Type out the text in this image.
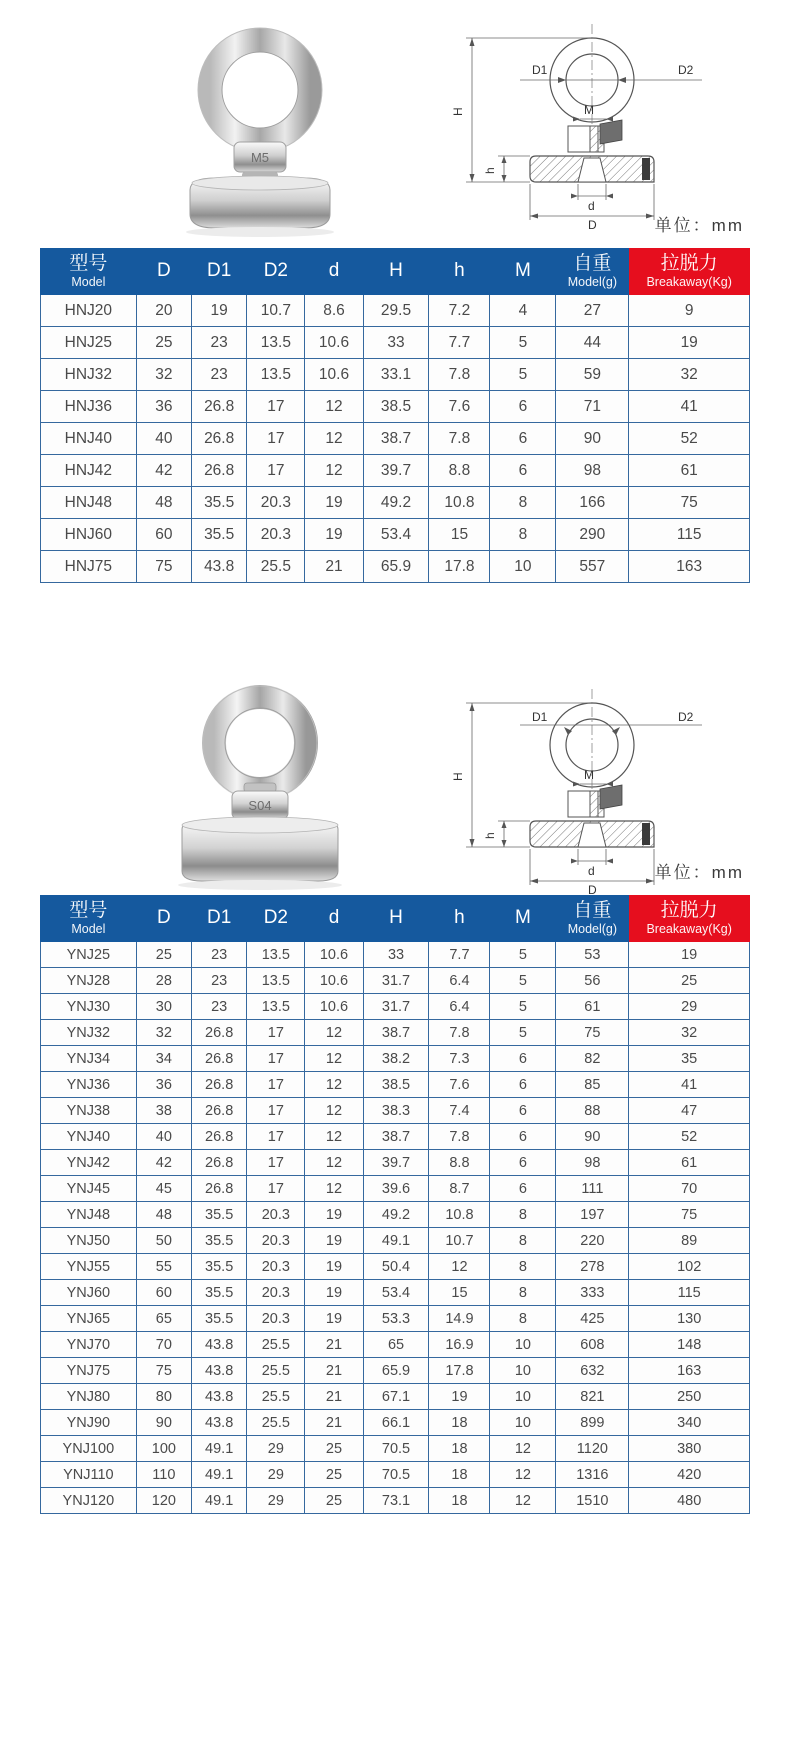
M5
D1	D2
M
H
h
d
D	单位：mm
型号
Model	D	D1	D2	d	H	h	M	自重
Model(g)	拉脱力
Breakaway(Kg)

HNJ20	20	19	10.7	8.6	29.5	7.2	4	27	9
HNJ25	25	23	13.5	10.6	33	7.7	5	44	19
HNJ32	32	23	13.5	10.6	33.1	7.8	5	59	32
HNJ36	36	26.8	17	12	38.5	7.6	6	71	41
HNJ40	40	26.8	17	12	38.7	7.8	6	90	52
HNJ42	42	26.8	17	12	39.7	8.8	6	98	61
HNJ48	48	35.5	20.3	19	49.2	10.8	8	166	75
HNJ60	60	35.5	20.3	19	53.4	15	8	290	115
HNJ75	75	43.8	25.5	21	65.9	17.8	10	557	163
S04
D1	D2
M
H
h
d
D
单位：mm
型号
Model	D	D1	D2	d	H	h	M	自重
Model(g)	拉脱力
Breakaway(Kg)

YNJ25	25	23	13.5	10.6	33	7.7	5	53	19
YNJ28	28	23	13.5	10.6	31.7	6.4	5	56	25
YNJ30	30	23	13.5	10.6	31.7	6.4	5	61	29
YNJ32	32	26.8	17	12	38.7	7.8	5	75	32
YNJ34	34	26.8	17	12	38.2	7.3	6	82	35
YNJ36	36	26.8	17	12	38.5	7.6	6	85	41
YNJ38	38	26.8	17	12	38.3	7.4	6	88	47
YNJ40	40	26.8	17	12	38.7	7.8	6	90	52
YNJ42	42	26.8	17	12	39.7	8.8	6	98	61
YNJ45	45	26.8	17	12	39.6	8.7	6	111	70
YNJ48	48	35.5	20.3	19	49.2	10.8	8	197	75
YNJ50	50	35.5	20.3	19	49.1	10.7	8	220	89
YNJ55	55	35.5	20.3	19	50.4	12	8	278	102
YNJ60	60	35.5	20.3	19	53.4	15	8	333	115
YNJ65	65	35.5	20.3	19	53.3	14.9	8	425	130
YNJ70	70	43.8	25.5	21	65	16.9	10	608	148
YNJ75	75	43.8	25.5	21	65.9	17.8	10	632	163
YNJ80	80	43.8	25.5	21	67.1	19	10	821	250
YNJ90	90	43.8	25.5	21	66.1	18	10	899	340
YNJ100	100	49.1	29	25	70.5	18	12	1120	380
YNJ110	110	49.1	29	25	70.5	18	12	1316	420
YNJ120	120	49.1	29	25	73.1	18	12	1510	480
